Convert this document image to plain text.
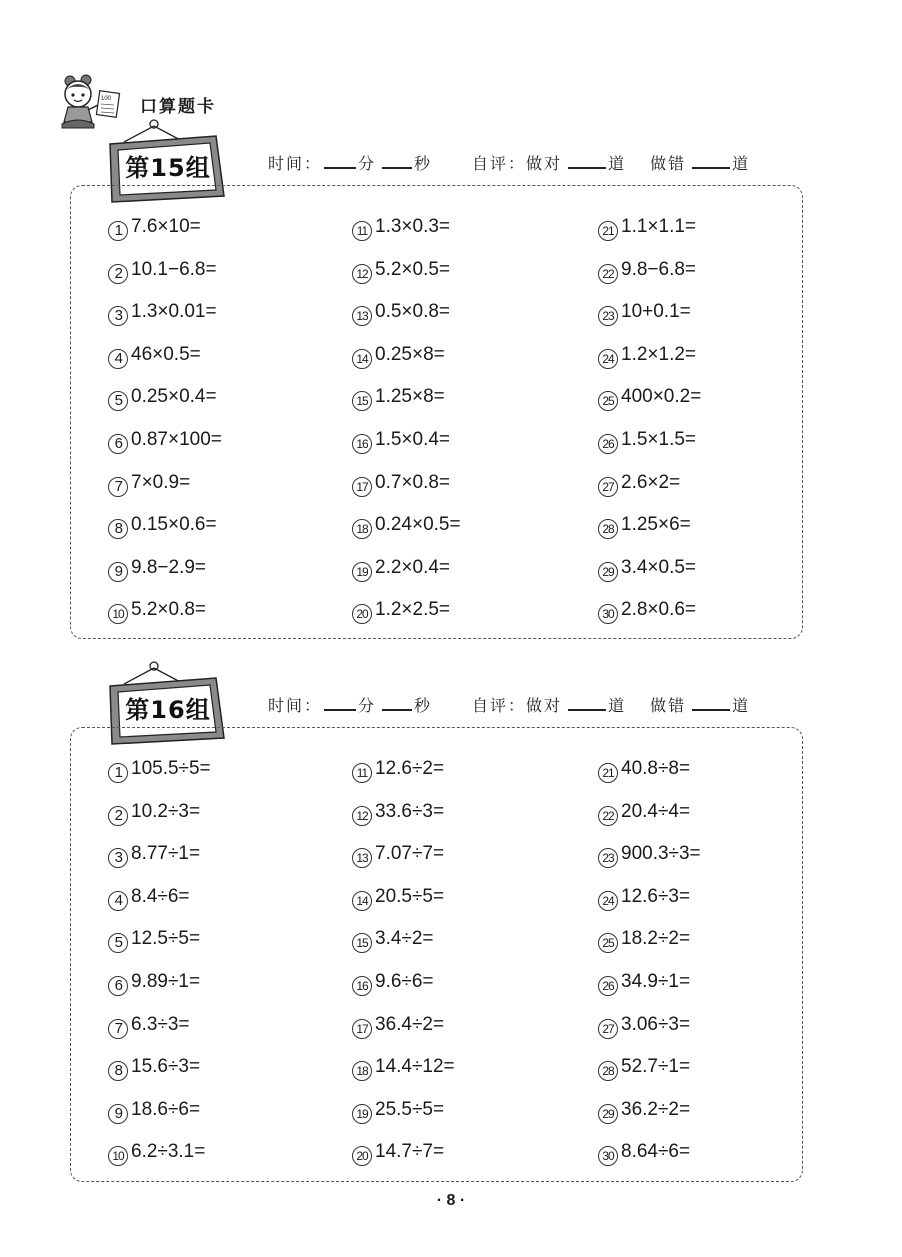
100 口算题卡
第15组	时间： 分 秒	自评：做对	道 做错	道
1 7.6×10=
2 10.1−6.8=
3 1.3×0.01=
4 46×0.5=
5 0.25×0.4=
6 0.87×100=
7 7×0.9=
8 0.15×0.6=
9 9.8−2.9=
10 5.2×0.8=
11 1.3×0.3=
12 5.2×0.5=
13 0.5×0.8=
14 0.25×8=
15 1.25×8=
16 1.5×0.4=
17 0.7×0.8=
18 0.24×0.5=
19 2.2×0.4=
20 1.2×2.5=
21 1.1×1.1=
22 9.8−6.8=
23 10+0.1=
24 1.2×1.2=
25 400×0.2=
26 1.5×1.5=
27 2.6×2=
28 1.25×6=
29 3.4×0.5=
30 2.8×0.6=
第16组	时间： 分 秒	自评：做对	道 做错	道
1 105.5÷5=
2 10.2÷3=
3 8.77÷1=
4 8.4÷6=
5 12.5÷5=
6 9.89÷1=
7 6.3÷3=
8 15.6÷3=
9 18.6÷6=
10 6.2÷3.1=
11 12.6÷2=
12 33.6÷3=
13 7.07÷7=
14 20.5÷5=
15 3.4÷2=
16 9.6÷6=
17 36.4÷2=
18 14.4÷12=
19 25.5÷5=
20 14.7÷7=
21 40.8÷8=
22 20.4÷4=
23 900.3÷3=
24 12.6÷3=
25 18.2÷2=
26 34.9÷1=
27 3.06÷3=
28 52.7÷1=
29 36.2÷2=
30 8.64÷6=
· 8 ·
